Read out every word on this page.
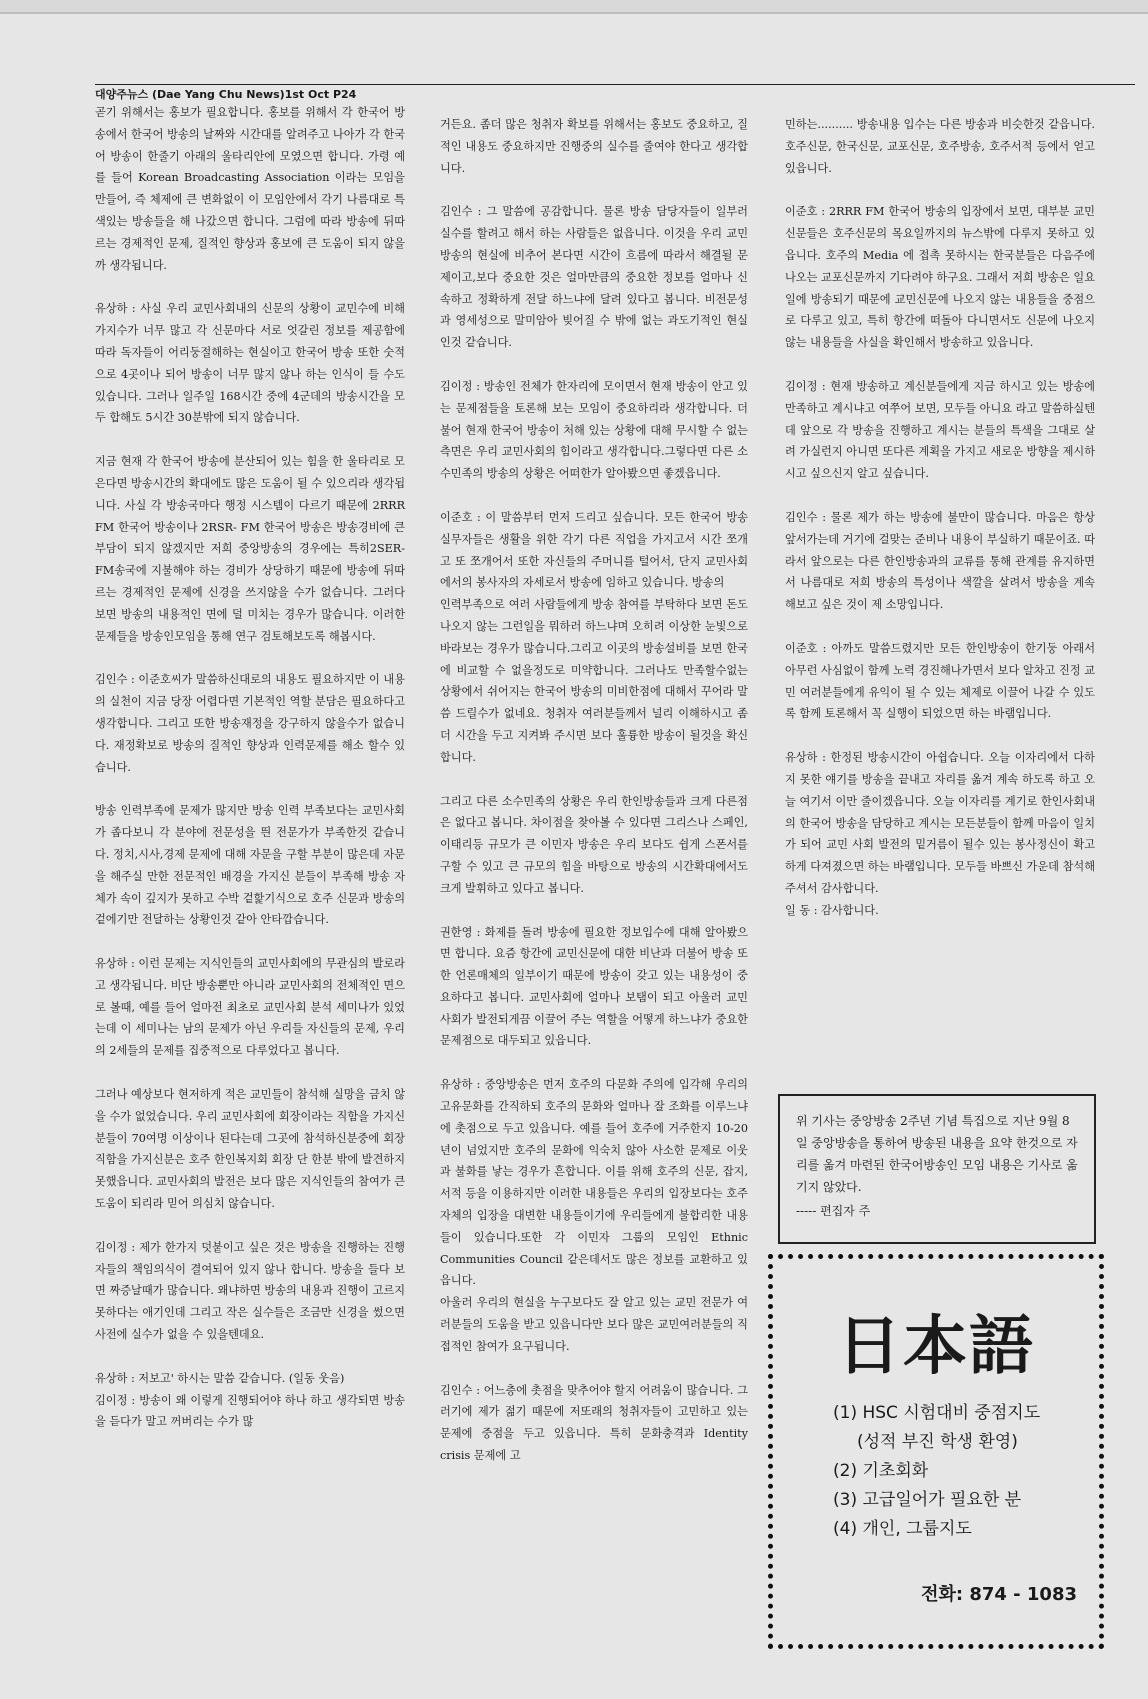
대양주뉴스 (Dae Yang Chu News)1st Oct P24

곧기 위해서는 홍보가 필요합니다. 홍보를 위해서 각 한국어 방송에서 한국어 방송의 날짜와 시간대를 알려주고 나아가 각 한국어 방송이 한줄기 아래의 울타리안에 모였으면 합니다. 가령 예를 들어 Korean Broadcasting Association 이라는 모임을 만들어, 즉 체제에 큰 변화없이 이 모임안에서 각기 나름대로 특색있는 방송들을 해 나갔으면 합니다. 그럼에 따라 방송에 뒤따르는 경제적인 문제, 질적인 향상과 홍보에 큰 도움이 되지 않을까 생각됩니다.

유상하 : 사실 우리 교민사회내의 신문의 상황이 교민수에 비해 가지수가 너무 많고 각 신문마다 서로 엇갈린 정보를 제공함에 따라 독자들이 어리둥절해하는 현실이고 한국어 방송 또한 숫적으로 4곳이나 되어 방송이 너무 많지 않나 하는 인식이 들 수도 있습니다. 그러나 일주일 168시간 중에 4군데의 방송시간을 모두 합해도 5시간 30분밖에 되지 않습니다.

지금 현재 각 한국어 방송에 분산되어 있는 힘을 한 울타리로 모은다면 방송시간의 확대에도 많은 도움이 될 수 있으리라 생각됩니다. 사실 각 방송국마다 행정 시스템이 다르기 때문에 2RRR FM 한국어 방송이나 2RSR- FM 한국어 방송은 방송경비에 큰 부담이 되지 않겠지만 저희 중앙방송의 경우에는 특히2SER- FM송국에 지불해야 하는 경비가 상당하기 때문에 방송에 뒤따르는 경제적인 문제에 신경을 쓰지않을 수가 없습니다. 그러다 보면 방송의 내용적인 면에 덜 미치는 경우가 많습니다. 이러한 문제들을 방송인모임을 통해 연구 검토해보도록 해봅시다.

김인수 : 이준호씨가 말씀하신대로의 내용도 필요하지만 이 내용의 실천이 지금 당장 어렵다면 기본적인 역할 분담은 필요하다고 생각합니다. 그리고 또한 방송재정을 강구하지 않을수가 없습니다. 재정확보로 방송의 질적인 향상과 인력문제를 해소 할수 있습니다.

방송 인력부족에 문제가 많지만 방송 인력 부족보다는 교민사회가 좁다보니 각 분야에 전문성을 띈 전문가가 부족한것 같습니다. 정치,시사,경제 문제에 대해 자문을 구할 부분이 많은데 자문을 해주실 만한 전문적인 배경을 가지신 분들이 부족해 방송 자체가 속이 깊지가 못하고 수박 겉핥기식으로 호주 신문과 방송의 겉에기만 전달하는 상황인것 같아 안타깝습니다.

유상하 : 이런 문제는 지식인들의 교민사회에의 무관심의 발로라고 생각됩니다. 비단 방송뿐만 아니라 교민사회의 전체적인 면으로 볼때, 예를 들어 얼마전 최초로 교민사회 분석 세미나가 있었는데 이 세미나는 남의 문제가 아닌 우리들 자신들의 문제, 우리의 2세들의 문제를 집중적으로 다루었다고 봅니다.

그러나 예상보다 현저하게 적은 교민들이 참석해 실망을 금치 않을 수가 없었습니다. 우리 교민사회에 회장이라는 직함을 가지신 분들이 70여명 이상이나 된다는데 그곳에 참석하신분중에 회장 직함을 가지신분은 호주 한인복지회 회장 단 한분 밖에 발견하지 못했읍니다. 교민사회의 발전은 보다 많은 지식인들의 참여가 큰 도움이 되리라 믿어 의심치 않습니다.

김이정 : 제가 한가지 덧붙이고 싶은 것은 방송을 진행하는 진행자들의 책임의식이 결여되어 있지 않나 합니다. 방송을 들다 보면 짜증날때가 많습니다. 왜냐하면 방송의 내용과 진행이 고르지 못하다는 애기인데 그리고 작은 실수들은 조금만 신경을 썼으면 사전에 실수가 없을 수 있을텐데요.

유상하 : 저보고' 하시는 말씀 같습니다. (일동 웃음)

김이정 : 방송이 왜 이렇게 진행되어야 하나 하고 생각되면 방송을 듣다가 말고 꺼버리는 수가 많

거든요. 좀더 많은 청취자 확보를 위해서는 홍보도 중요하고, 질적인 내용도 중요하지만 진행중의 실수를 줄여야 한다고 생각합니다.

김인수 : 그 말씀에 공감합니다. 물론 방송 담당자들이 일부러 실수를 할려고 해서 하는 사람들은 없읍니다. 이것을 우리 교민방송의 현실에 비추어 본다면 시간이 흐름에 따라서 해결될 문제이고,보다 중요한 것은 얼마만큼의 중요한 정보를 얼마나 신속하고 정확하게 전달 하느냐에 달려 있다고 봅니다. 비전문성과 영세성으로 말미암아 빚어질 수 밖에 없는 과도기적인 현실인것 같습니다.

김이정 : 방송인 전체가 한자리에 모이면서 현재 방송이 안고 있는 문제점들을 토론해 보는 모임이 중요하리라 생각합니다. 더불어 현재 한국어 방송이 처해 있는 상황에 대해 무시할 수 없는 측면은 우리 교민사회의 힘이라고 생각합니다.그렇다면 다른 소수민족의 방송의 상황은 어떠한가 알아봤으면 좋겠읍니다.

이준호 : 이 말씀부터 먼저 드리고 싶습니다. 모든 한국어 방송 실무자들은 생활을 위한 각기 다른 직업을 가지고서 시간 쪼개고 또 쪼개어서 또한 자신들의 주머니를 털어서, 단지 교민사회에서의 봉사자의 자세로서 방송에 임하고 있습니다. 방송의

인력부족으로 여러 사람들에게 방송 참여를 부탁하다 보면 돈도 나오지 않는 그런일을 뭐하러 하느냐며 오히려 이상한 눈빛으로 바라보는 경우가 많습니다.그리고 이곳의 방송설비를 보면 한국에 비교할 수 없을정도로 미약합니다. 그러나도 만족할수없는 상황에서 쉬어지는 한국어 방송의 미비한점에 대해서 꾸어라 말씀 드릴수가 없네요. 청취자 여러분들께서 널리 이해하시고 좀더 시간을 두고 지켜봐 주시면 보다 훌륭한 방송이 될것을 확신합니다.

그리고 다른 소수민족의 상황은 우리 한인방송들과 크게 다른점은 없다고 봅니다. 차이점을 찾아볼 수 있다면 그리스나 스페인, 이태리등 규모가 큰 이민자 방송은 우리 보다도 쉽게 스폰서를 구할 수 있고 큰 규모의 힘을 바탕으로 방송의 시간확대에서도 크게 발휘하고 있다고 봅니다.

권한영 : 화제를 돌려 방송에 필요한 정보입수에 대해 알아봤으면 합니다. 요즘 항간에 교민신문에 대한 비난과 더불어 방송 또한 언론매체의 일부이기 때문에 방송이 갖고 있는 내용성이 중요하다고 봅니다. 교민사회에 얼마나 보탬이 되고 아울러 교민사회가 발전되게끔 이끌어 주는 역할을 어떻게 하느냐가 중요한 문제점으로 대두되고 있읍니다.

유상하 : 중앙방송은 먼저 호주의 다문화 주의에 입각해 우리의 고유문화를 간직하되 호주의 문화와 얼마나 잘 조화를 이루느냐에 촛점으로 두고 있읍니다. 예를 들어 호주에 거주한지 10-20년이 넘었지만 호주의 문화에 익숙치 않아 사소한 문제로 이웃과 불화를 낳는 경우가 흔합니다. 이를 위해 호주의 신문, 잡지,서적 등을 이용하지만 이러한 내용들은 우리의 입장보다는 호주 자체의 입장을 대변한 내용들이기에 우리들에게 불합리한 내용들이 있습니다.또한 각 이민자 그룹의 모임인 Ethnic Communities Council 같은데서도 많은 정보를 교환하고 있읍니다.

아울러 우리의 현실을 누구보다도 잘 알고 있는 교민 전문가 여러분들의 도움을 받고 있읍니다만 보다 많은 교민여러분들의 직접적인 참여가 요구됩니다.

김인수 : 어느층에 촛점을 맞추어야 할지 어려움이 많습니다. 그러기에 제가 젊기 때문에 저또래의 청취자들이 고민하고 있는 문제에 중점을 두고 있읍니다. 특히 문화충격과 Identity crisis 문제에 고

민하는.......... 방송내용 입수는 다른 방송과 비슷한것 같읍니다. 호주신문, 한국신문, 교포신문, 호주방송, 호주서적 등에서 얻고 있읍니다.

이준호 : 2RRR FM 한국어 방송의 입장에서 보면, 대부분 교민신문들은 호주신문의 목요일까지의 뉴스밖에 다루지 못하고 있읍니다. 호주의 Media 에 접촉 못하시는 한국분들은 다음주에 나오는 교포신문까지 기다려야 하구요. 그래서 저희 방송은 일요일에 방송되기 때문에 교민신문에 나오지 않는 내용들을 중점으로 다루고 있고, 특히 항간에 떠돌아 다니면서도 신문에 나오지 않는 내용들을 사실을 확인해서 방송하고 있읍니다.

김이정 : 현재 방송하고 계신분들에게 지금 하시고 있는 방송에 만족하고 계시냐고 여쭈어 보면, 모두들 아니요 라고 말씀하실텐데 앞으로 각 방송을 진행하고 계시는 분들의 특색을 그대로 살려 가실런지 아니면 또다른 계획을 가지고 새로운 방향을 제시하시고 싶으신지 알고 싶습니다.

김인수 : 물론 제가 하는 방송에 불만이 많습니다. 마음은 항상 앞서가는데 거기에 걸맞는 준비나 내용이 부실하기 때문이죠. 따라서 앞으로는 다른 한인방송과의 교류를 통해 관계를 유지하면서 나름대로 저희 방송의 특성이나 색깔을 살려서 방송을 계속 해보고 싶은 것이 제 소망입니다.

이준호 : 아까도 말씀드렸지만 모든 한인방송이 한기둥 아래서 아무런 사심없이 함께 노력 경진해나가면서 보다 알차고 진정 교민 여러분들에게 유익이 될 수 있는 체제로 이끌어 나갈 수 있도록 함께 토론해서 꼭 실행이 되었으면 하는 바램입니다.

유상하 : 한정된 방송시간이 아쉽습니다. 오늘 이자리에서 다하지 못한 얘기를 방송을 끝내고 자리를 옮겨 계속 하도록 하고 오늘 여기서 이만 줄이겠읍니다. 오늘 이자리를 계기로 한인사회내의 한국어 방송을 담당하고 계시는 모든분들이 함께 마음이 일치가 되어 교민 사회 발전의 밑거름이 될수 있는 봉사정신이 확고하게 다져졌으면 하는 바램입니다. 모두들 바쁘신 가운데 참석해 주셔서 감사합니다.

일 동 : 감사합니다.

위 기사는 중앙방송 2주년 기념 특집으로 지난 9월 8일 중앙방송을 통하여 방송된 내용을 요약 한것으로 자리를 옮겨 마련된 한국어방송인 모임 내용은 기사로 옮기지 않았다.
----- 편집자 주
日本語
(1) HSC 시험대비 중점지도
(성적 부진 학생 환영)
(2) 기초회화
(3) 고급일어가 필요한 분
(4) 개인, 그룹지도
전화: 874 - 1083
